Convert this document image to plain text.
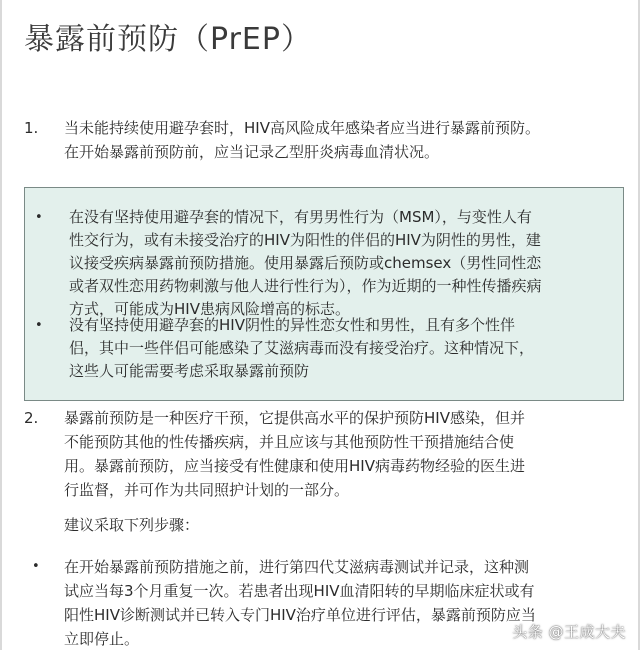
暴露前预防（PrEP）
1.	当未能持续使用避孕套时，HIV高风险成年感染者应当进行暴露前预防。
在开始暴露前预防前，应当记录乙型肝炎病毒血清状况。
• 在没有坚持使用避孕套的情况下，有男男性行为（MSM），与变性人有
性交行为，或有未接受治疗的HIV为阳性的伴侣的HIV为阴性的男性，建
议接受疾病暴露前预防措施。使用暴露后预防或chemsex（男性同性恋
或者双性恋用药物刺激与他人进行性行为），作为近期的一种性传播疾病
方式，可能成为HIV患病风险增高的标志。
• 没有坚持使用避孕套的HIV阴性的异性恋女性和男性，且有多个性伴
侣，其中一些伴侣可能感染了艾滋病毒而没有接受治疗。这种情况下，
这些人可能需要考虑采取暴露前预防
2.	暴露前预防是一种医疗干预，它提供高水平的保护预防HIV感染，但并
不能预防其他的性传播疾病，并且应该与其他预防性干预措施结合使
用。暴露前预防，应当接受有性健康和使用HIV病毒药物经验的医生进
行监督，并可作为共同照护计划的一部分。
建议采取下列步骤：
• 在开始暴露前预防措施之前，进行第四代艾滋病毒测试并记录，这种测
试应当每3个月重复一次。若患者出现HIV血清阳转的早期临床症状或有
阳性HIV诊断测试并已转入专门HIV治疗单位进行评估，暴露前预防应当
立即停止。	头条 @王成大夫
